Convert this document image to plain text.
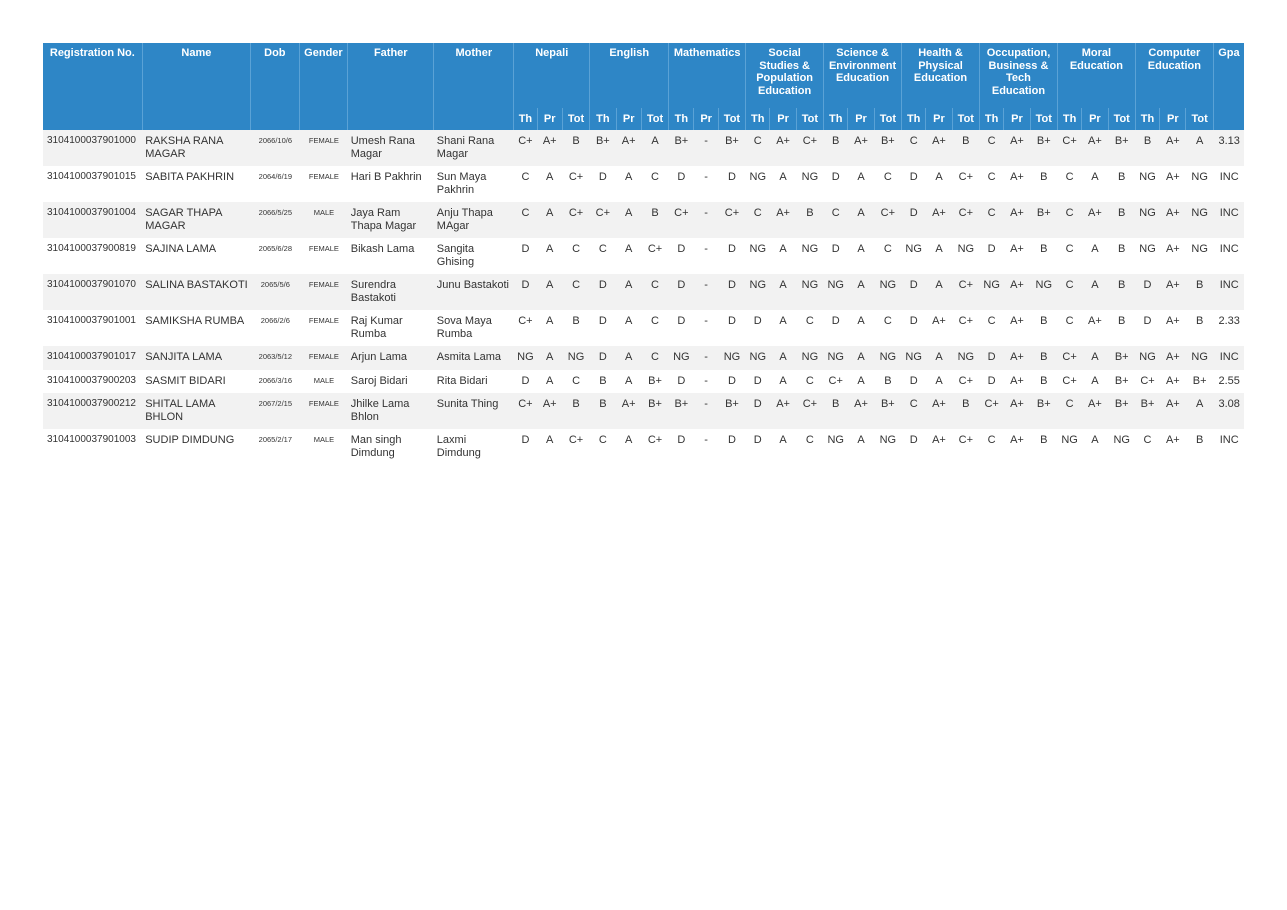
Registration No.	Name	Dob	Gender	Father	Mother	Nepali			English			Mathematics			Social Studies & Population Education			Science & Environment Education			Health & Physical Education			Occupation, Business & Tech Education			Moral Education			Computer Education			Gpa
						Th	Pr	Tot	Th	Pr	Tot	Th	Pr	Tot	Th	Pr	Tot	Th	Pr	Tot	Th	Pr	Tot	Th	Pr	Tot	Th	Pr	Tot	Th	Pr	Tot	
3104100037901000	RAKSHA RANA MAGAR	2066/10/6	FEMALE	Umesh Rana Magar	Shani Rana Magar	C+	A+	B	B+	A+	A	B+	-	B+	C	A+	C+	B	A+	B+	C	A+	B	C	A+	B+	C+	A+	B+	B	A+	A	3.13
3104100037901015	SABITA PAKHRIN	2064/6/19	FEMALE	Hari B Pakhrin	Sun Maya Pakhrin	C	A	C+	D	A	C	D	-	D	NG	A	NG	D	A	C	D	A	C+	C	A+	B	C	A	B	NG	A+	NG	INC
3104100037901004	SAGAR THAPA MAGAR	2066/5/25	MALE	Jaya Ram Thapa Magar	Anju Thapa MAgar	C	A	C+	C+	A	B	C+	-	C+	C	A+	B	C	A	C+	D	A+	C+	C	A+	B+	C	A+	B	NG	A+	NG	INC
3104100037900819	SAJINA LAMA	2065/6/28	FEMALE	Bikash Lama	Sangita Ghising	D	A	C	C	A	C+	D	-	D	NG	A	NG	D	A	C	NG	A	NG	D	A+	B	C	A	B	NG	A+	NG	INC
3104100037901070	SALINA BASTAKOTI	2065/5/6	FEMALE	Surendra Bastakoti	Junu Bastakoti	D	A	C	D	A	C	D	-	D	NG	A	NG	NG	A	NG	D	A	C+	NG	A+	NG	C	A	B	D	A+	B	INC
3104100037901001	SAMIKSHA RUMBA	2066/2/6	FEMALE	Raj Kumar Rumba	Sova Maya Rumba	C+	A	B	D	A	C	D	-	D	D	A	C	D	A	C	D	A+	C+	C	A+	B	C	A+	B	D	A+	B	2.33
3104100037901017	SANJITA LAMA	2063/5/12	FEMALE	Arjun Lama	Asmita Lama	NG	A	NG	D	A	C	NG	-	NG	NG	A	NG	NG	A	NG	NG	A	NG	D	A+	B	C+	A	B+	NG	A+	NG	INC
3104100037900203	SASMIT BIDARI	2066/3/16	MALE	Saroj Bidari	Rita Bidari	D	A	C	B	A	B+	D	-	D	D	A	C	C+	A	B	D	A	C+	D	A+	B	C+	A	B+	C+	A+	B+	2.55
3104100037900212	SHITAL LAMA BHLON	2067/2/15	FEMALE	Jhilke Lama Bhlon	Sunita Thing	C+	A+	B	B	A+	B+	B+	-	B+	D	A+	C+	B	A+	B+	C	A+	B	C+	A+	B+	C	A+	B+	B+	A+	A	3.08
3104100037901003	SUDIP DIMDUNG	2065/2/17	MALE	Man singh Dimdung	Laxmi Dimdung	D	A	C+	C	A	C+	D	-	D	D	A	C	NG	A	NG	D	A+	C+	C	A+	B	NG	A	NG	C	A+	B	INC
